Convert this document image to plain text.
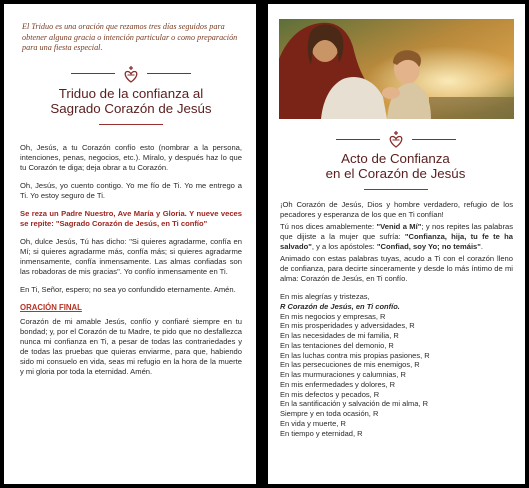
El Triduo es una oración que rezamos tres días seguidos para obtener alguna gracia o intención particular o como preparación para una fiesta especial.
Triduo de la confianza al
Sagrado Corazón de Jesús

Oh, Jesús, a tu Corazón confío esto (nombrar a la persona, intenciones, penas, negocios, etc.). Míralo, y después haz lo que tu Corazón te diga; deja obrar a tu Corazón.

Oh, Jesús, yo cuento contigo. Yo me fío de Ti. Yo me entrego a Ti. Yo estoy seguro de Ti.

Se reza un Padre Nuestro, Ave María y Gloria. Y nueve veces se repite: "Sagrado Corazón de Jesús, en Ti confío"

Oh, dulce Jesús, Tú has dicho: "Si quieres agradarme, confía en Mí; si quieres agradarme más, confía más; si quieres agradarme inmensamente, confía inmensamente. Las almas confiadas son las robadoras de mis gracias". Yo confío inmensamente en Ti.

En Ti, Señor, espero; no sea yo confundido eternamente. Amén.

ORACIÓN FINAL

Corazón de mi amable Jesús, confío y confiaré siempre en tu bondad; y, por el Corazón de tu Madre, te pido que no desfallezca nunca mi confianza en Ti, a pesar de todas las contrariedades y de todas las pruebas que quieras enviarme, para que, habiendo sido mi consuelo en vida, seas mi refugio en la hora de la muerte y mi gloria por toda la eternidad. Amén.

Acto de Confianza
en el Corazón de Jesús

¡Oh Corazón de Jesús, Dios y hombre verdadero, refugio de los pecadores y esperanza de los que en Ti confían!

Tú nos dices amablemente: "Venid a Mí"; y nos repites las palabras que dijiste a la mujer que sufría: "Confianza, hija, tu fe te ha salvado", y a los apóstoles: "Confiad, soy Yo; no temáis".

Animado con estas palabras tuyas, acudo a Ti con el corazón lleno de confianza, para decirte sinceramente y desde lo más íntimo de mi alma: Corazón de Jesús, en Ti confío.

En mis alegrías y tristezas,
R Corazón de Jesús, en Ti confío.
En mis negocios y empresas, R
En mis prosperidades y adversidades, R
En las necesidades de mi familia, R
En las tentaciones del demonio, R
En las luchas contra mis propias pasiones, R
En las persecuciones de mis enemigos, R
En las murmuraciones y calumnias, R
En mis enfermedades y dolores, R
En mis defectos y pecados, R
En la santificación y salvación de mi alma, R
Siempre y en toda ocasión, R
En vida y muerte, R
En tiempo y eternidad, R
